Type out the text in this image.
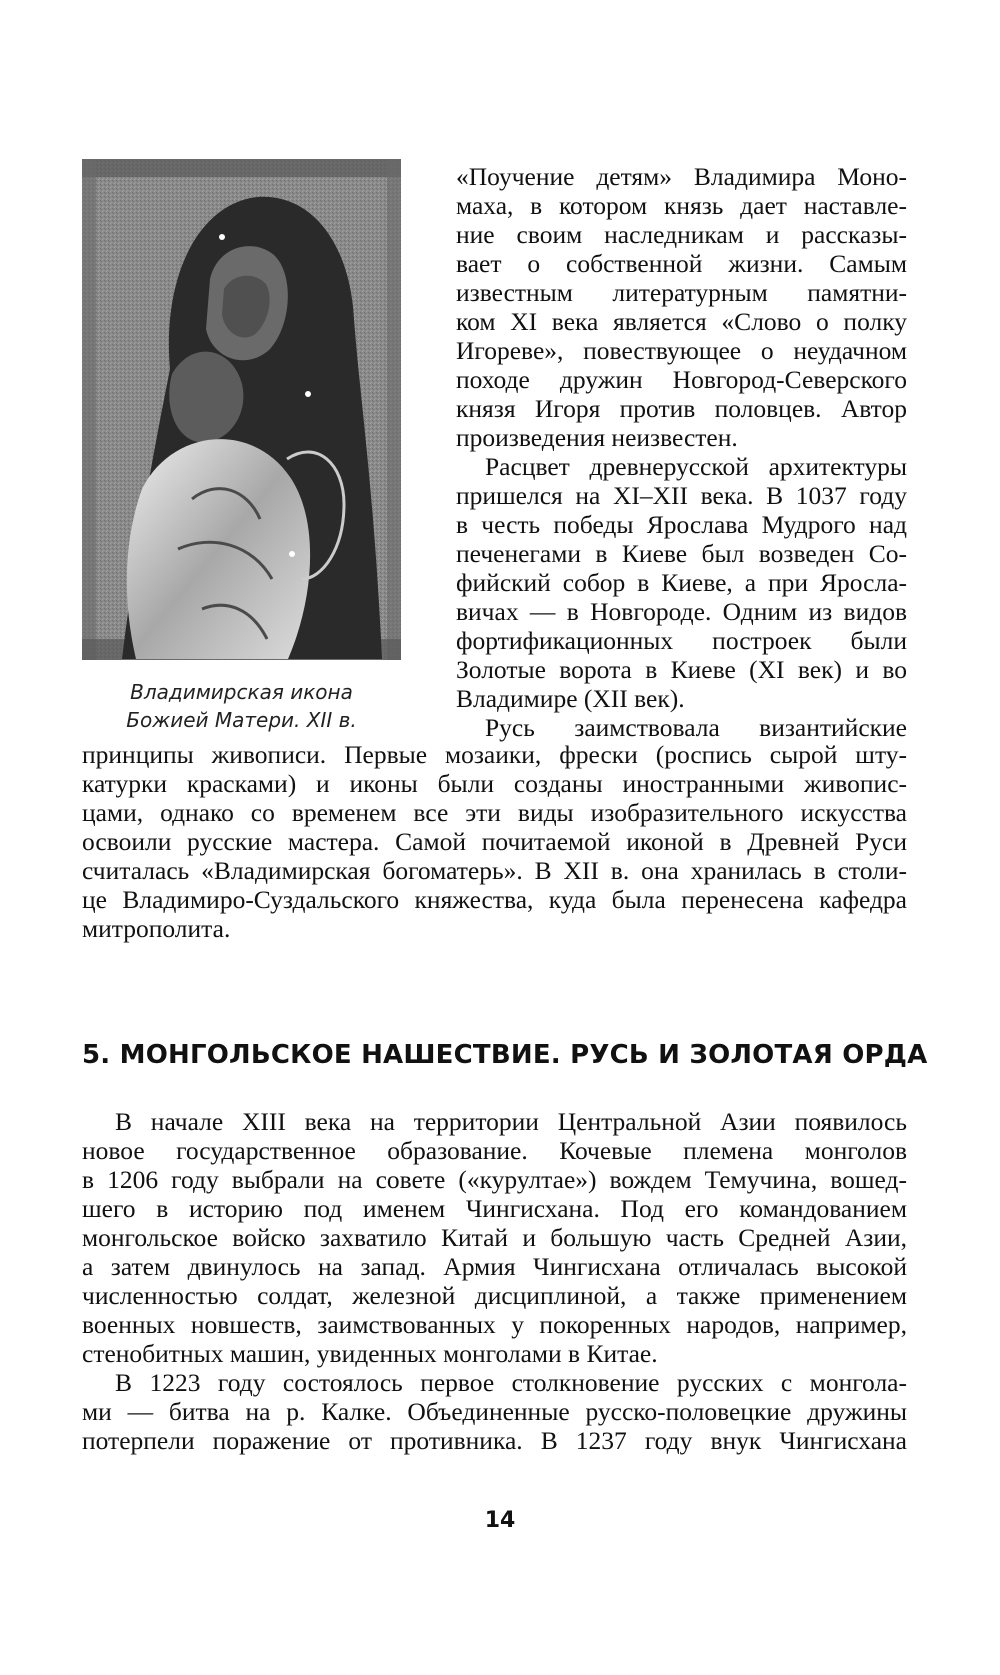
Владимирская икона
Божией Матери. XII в.

«Поучение детям» Владимира Моно-
маха, в котором князь дает наставле-
ние своим наследникам и рассказы-
вает о собственной жизни. Самым
известным литературным памятни-
ком XI века является «Слово о полку
Игореве», повествующее о неудачном
походе дружин Новгород-Северского
князя Игоря против половцев. Автор
произведения неизвестен.

Расцвет древнерусской архитектуры
пришелся на XI–XII века. В 1037 году
в честь победы Ярослава Мудрого над
печенегами в Киеве был возведен Со-
фийский собор в Киеве, а при Яросла-
вичах — в Новгороде. Одним из видов
фортификационных построек были
Золотые ворота в Киеве (XI век) и во
Владимире (XII век).

Русь заимствовала византийские

принципы живописи. Первые мозаики, фрески (роспись сырой шту-
катурки красками) и иконы были созданы иностранными живопис-
цами, однако со временем все эти виды изобразительного искусства
освоили русские мастера. Самой почитаемой иконой в Древней Руси
считалась «Владимирская богоматерь». В XII в. она хранилась в столи-
це Владимиро-Суздальского княжества, куда была перенесена кафедра
митрополита.

5. МОНГОЛЬСКОЕ НАШЕСТВИЕ. РУСЬ И ЗОЛОТАЯ ОРДА

В начале XIII века на территории Центральной Азии появилось
новое государственное образование. Кочевые племена монголов
в 1206 году выбрали на совете («курултае») вождем Темучина, вошед-
шего в историю под именем Чингисхана. Под его командованием
монгольское войско захватило Китай и большую часть Средней Азии,
а затем двинулось на запад. Армия Чингисхана отличалась высокой
численностью солдат, железной дисциплиной, а также применением
военных новшеств, заимствованных у покоренных народов, например,
стенобитных машин, увиденных монголами в Китае.

В 1223 году состоялось первое столкновение русских с монгола-
ми — битва на р. Калке. Объединенные русско-половецкие дружины
потерпели поражение от противника. В 1237 году внук Чингисхана

14
